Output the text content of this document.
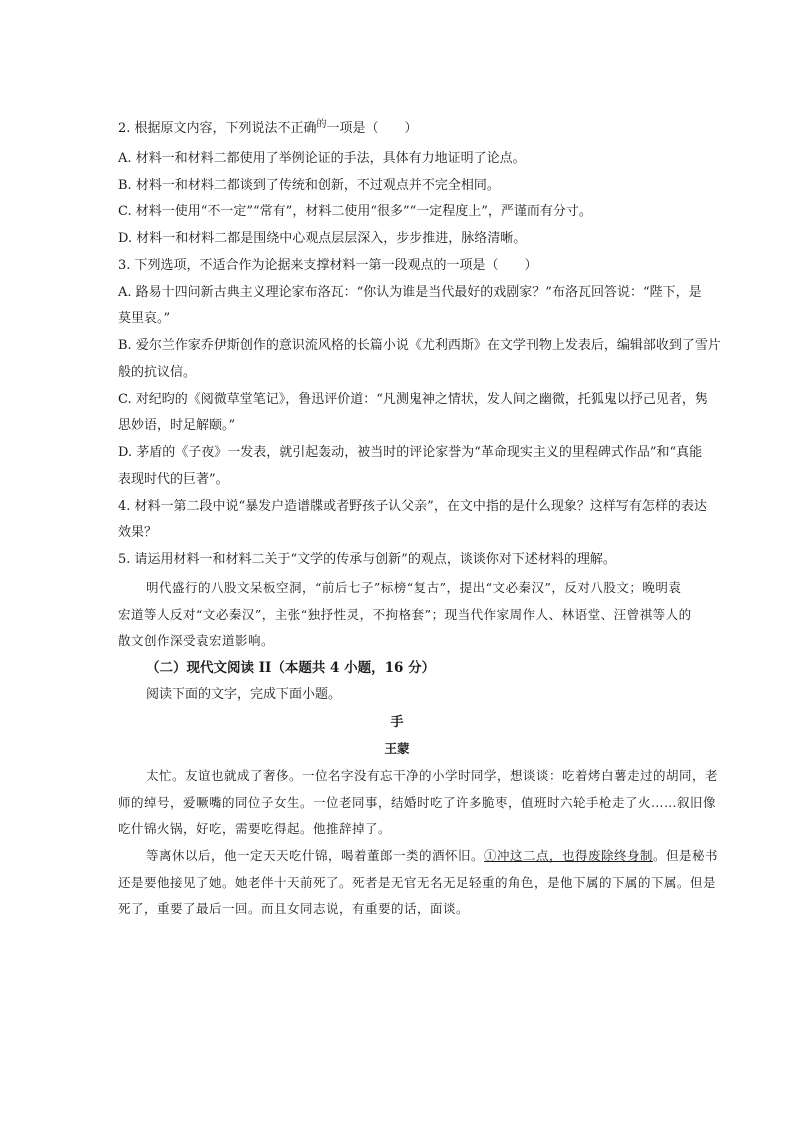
2. 根据原文内容，下列说法不正确$^的$一项是（　　）
A. 材料一和材料二都使用了举例论证的手法，具体有力地证明了论点。
B. 材料一和材料二都谈到了传统和创新，不过观点并不完全相同。
C. 材料一使用“不一定”“常有”，材料二使用“很多”“一定程度上”，严谨而有分寸。
D. 材料一和材料二都是围绕中心观点层层深入，步步推进，脉络清晰。
3. 下列选项，不适合作为论据来支撑材料一第一段观点的一项是（　　）
A. 路易十四问新古典主义理论家布洛瓦：“你认为谁是当代最好的戏剧家？”布洛瓦回答说：“陛下，是
莫里哀。”
B. 爱尔兰作家乔伊斯创作的意识流风格的长篇小说《尤利西斯》在文学刊物上发表后，编辑部收到了雪片
般的抗议信。
C. 对纪昀的《阅微草堂笔记》，鲁迅评价道：“凡测鬼神之情状，发人间之幽微，托狐鬼以抒己见者，隽
思妙语，时足解颐。”
D. 茅盾的《子夜》一发表，就引起轰动，被当时的评论家誉为“革命现实主义的里程碑式作品”和“真能
表现时代的巨著”。
4. 材料一第二段中说“暴发户造谱牒或者野孩子认父亲”，在文中指的是什么现象？这样写有怎样的表达
效果？
5. 请运用材料一和材料二关于“文学的传承与创新”的观点，谈谈你对下述材料的理解。
明代盛行的八股文呆板空洞，“前后七子”标榜“复古”，提出“文必秦汉”，反对八股文；晚明袁
宏道等人反对“文必秦汉”，主张“独抒性灵，不拘格套”；现当代作家周作人、林语堂、汪曾祺等人的
散文创作深受袁宏道影响。
（二）现代文阅读 II（本题共 4 小题，16 分）
阅读下面的文字，完成下面小题。
手
王蒙
太忙。友谊也就成了奢侈。一位名字没有忘干净的小学时同学，想谈谈：吃着烤白薯走过的胡同，老
师的绰号，爱噘嘴的同位子女生。一位老同事，结婚时吃了许多脆枣，值班时六轮手枪走了火……叙旧像
吃什锦火锅，好吃，需要吃得起。他推辞掉了。
等离休以后，他一定天天吃什锦，喝着董郎一类的酒怀旧。①冲这二点，也得废除终身制。但是秘书
还是要他接见了她。她老伴十天前死了。死者是无官无名无足轻重的角色，是他下属的下属的下属。但是
死了，重要了最后一回。而且女同志说，有重要的话，面谈。
